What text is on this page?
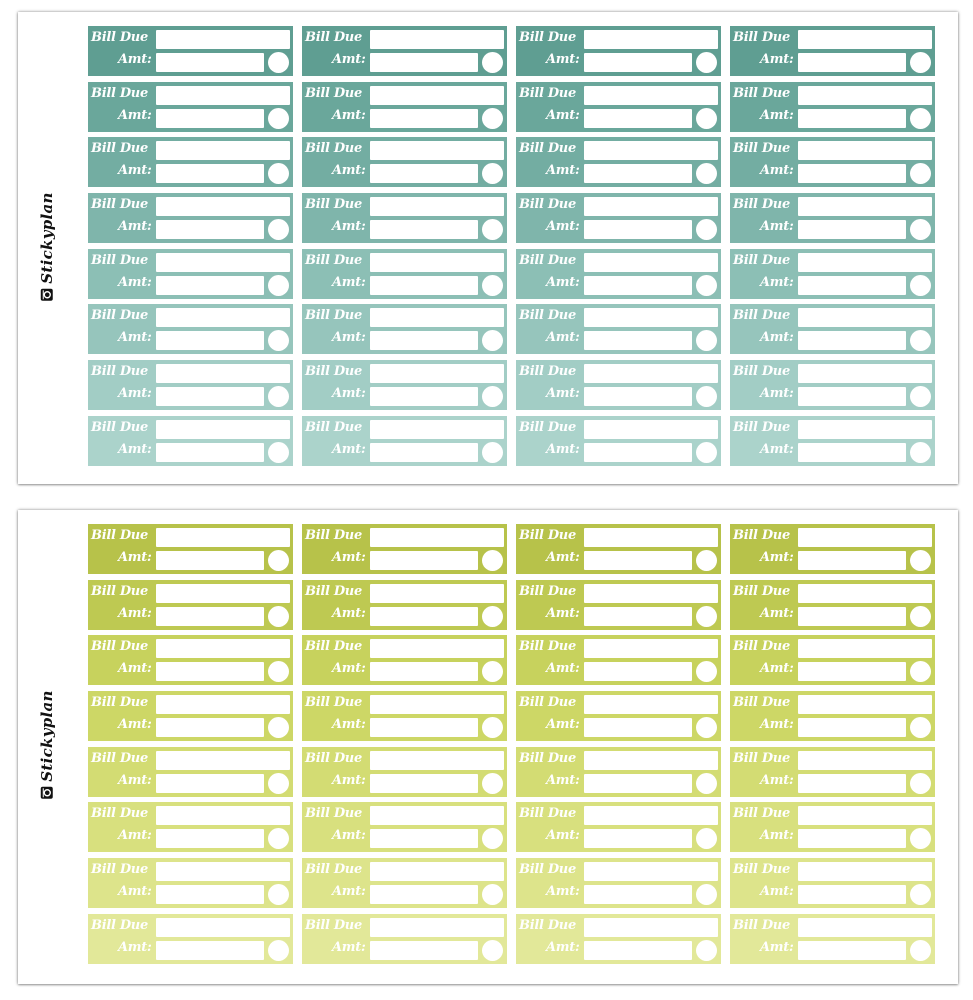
Stickyplan
Bill Due
Amt:
Bill Due
Amt:
Bill Due
Amt:
Bill Due
Amt:
Bill Due
Amt:
Bill Due
Amt:
Bill Due
Amt:
Bill Due
Amt:
Bill Due
Amt:
Bill Due
Amt:
Bill Due
Amt:
Bill Due
Amt:
Bill Due
Amt:
Bill Due
Amt:
Bill Due
Amt:
Bill Due
Amt:
Bill Due
Amt:
Bill Due
Amt:
Bill Due
Amt:
Bill Due
Amt:
Bill Due
Amt:
Bill Due
Amt:
Bill Due
Amt:
Bill Due
Amt:
Bill Due
Amt:
Bill Due
Amt:
Bill Due
Amt:
Bill Due
Amt:
Bill Due
Amt:
Bill Due
Amt:
Bill Due
Amt:
Bill Due
Amt:
Stickyplan
Bill Due
Amt:
Bill Due
Amt:
Bill Due
Amt:
Bill Due
Amt:
Bill Due
Amt:
Bill Due
Amt:
Bill Due
Amt:
Bill Due
Amt:
Bill Due
Amt:
Bill Due
Amt:
Bill Due
Amt:
Bill Due
Amt:
Bill Due
Amt:
Bill Due
Amt:
Bill Due
Amt:
Bill Due
Amt:
Bill Due
Amt:
Bill Due
Amt:
Bill Due
Amt:
Bill Due
Amt:
Bill Due
Amt:
Bill Due
Amt:
Bill Due
Amt:
Bill Due
Amt:
Bill Due
Amt:
Bill Due
Amt:
Bill Due
Amt:
Bill Due
Amt:
Bill Due
Amt:
Bill Due
Amt:
Bill Due
Amt:
Bill Due
Amt:
